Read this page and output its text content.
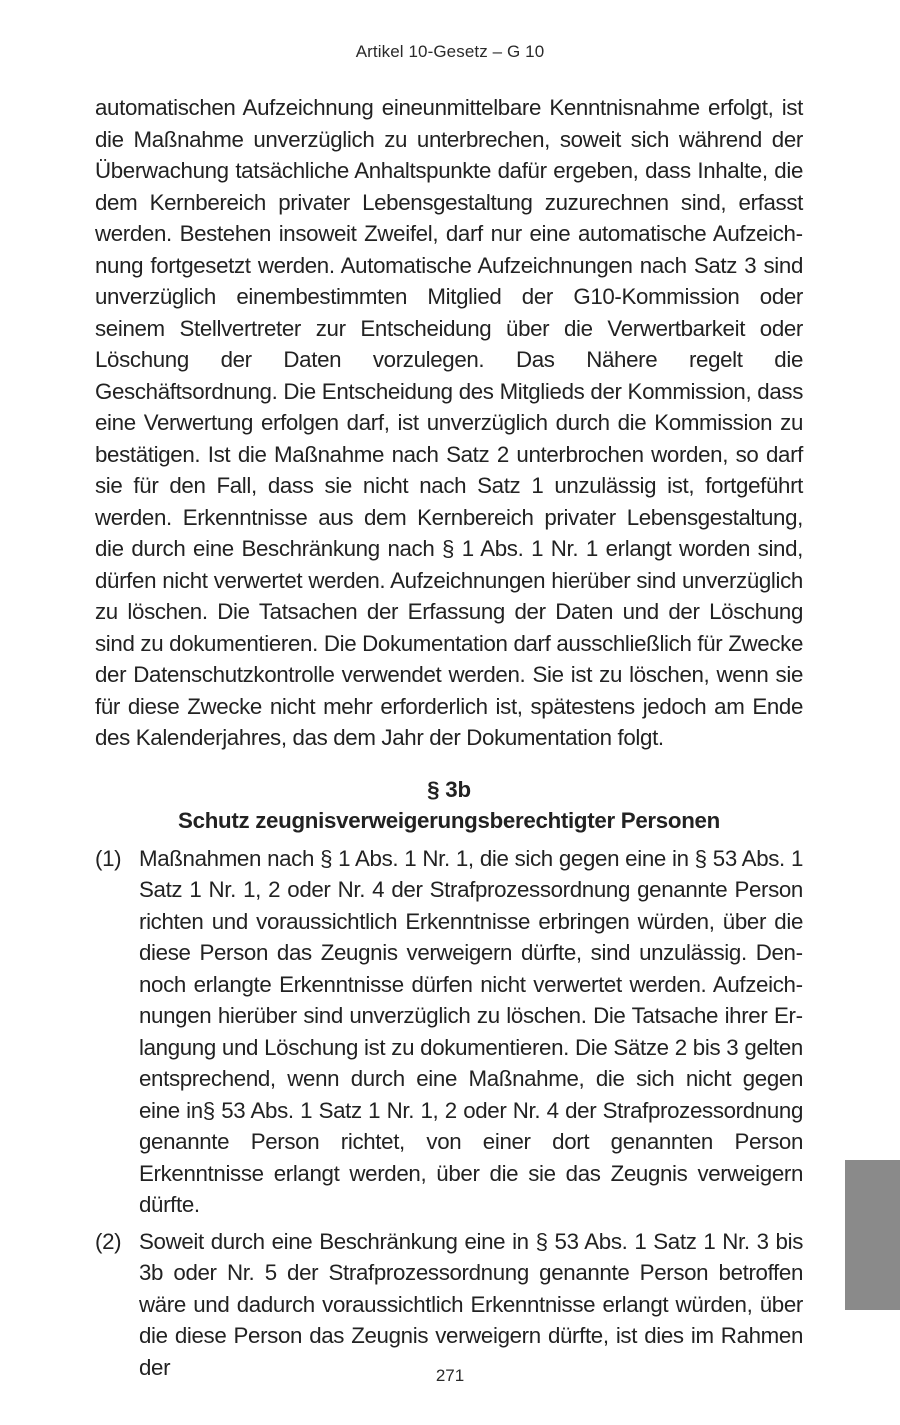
Artikel 10-Gesetz – G 10

automatischen Aufzeichnung eineunmittelbare Kenntnisnahme erfolgt, ist die Maßnahme unverzüglich zu unterbrechen, soweit sich während der Überwachung tatsächliche Anhaltspunkte dafür ergeben, dass Inhalte, die dem Kernbereich privater Lebensgestaltung zuzurechnen sind, erfasst werden. Bestehen insoweit Zweifel, darf nur eine automatische Aufzeichnung fortgesetzt werden. Automatische Aufzeichnungen nach Satz 3 sind unverzüglich einembestimmten Mitglied der G10-Kommission oder seinem Stellvertreter zur Entscheidung über die Verwertbarkeit oder Löschung der Daten vorzulegen. Das Nähere regelt die Geschäftsordnung. Die Entscheidung des Mitglieds der Kommission, dass eine Verwertung erfolgen darf, ist unverzüglich durch die Kommission zu bestätigen. Ist die Maßnahme nach Satz 2 unterbrochen worden, so darf sie für den Fall, dass sie nicht nach Satz 1 unzulässig ist, fortgeführt werden. Erkenntnisse aus dem Kernbereich privater Lebensgestaltung, die durch eine Beschränkung nach § 1 Abs. 1 Nr. 1 erlangt worden sind, dürfen nicht verwertet werden. Aufzeichnungen hierüber sind unverzüglich zu löschen. Die Tatsachen der Erfassung der Daten und der Löschung sind zu dokumentieren. Die Dokumentation darf ausschließlich für Zwecke der Datenschutzkontrolle verwendet werden. Sie ist zu löschen, wenn sie für diese Zwecke nicht mehr erforderlich ist, spätestens jedoch am Ende des Kalenderjahres, das dem Jahr der Dokumentation folgt.

§ 3b
Schutz zeugnisverweigerungsberechtigter Personen
(1) Maßnahmen nach § 1 Abs. 1 Nr. 1, die sich gegen eine in § 53 Abs. 1 Satz 1 Nr. 1, 2 oder Nr. 4 der Strafprozessordnung genannte Person richten und voraussichtlich Erkenntnisse erbringen würden, über die diese Person das Zeugnis verweigern dürfte, sind unzulässig. Dennoch erlangte Erkenntnisse dürfen nicht verwertet werden. Aufzeichnungen hierüber sind unverzüglich zu löschen. Die Tatsache ihrer Erlangung und Löschung ist zu dokumentieren. Die Sätze 2 bis 3 gelten entsprechend, wenn durch eine Maßnahme, die sich nicht gegen eine in§ 53 Abs. 1 Satz 1 Nr. 1, 2 oder Nr. 4 der Strafprozessordnung genannte Person richtet, von einer dort genannten Person Erkenntnisse erlangt werden, über die sie das Zeugnis verweigern dürfte.

(2) Soweit durch eine Beschränkung eine in § 53 Abs. 1 Satz 1 Nr. 3 bis 3b oder Nr. 5 der Strafprozessordnung genannte Person betroffen wäre und dadurch voraussichtlich Erkenntnisse erlangt würden, über die diese Person das Zeugnis verweigern dürfte, ist dies im Rahmen der	271
